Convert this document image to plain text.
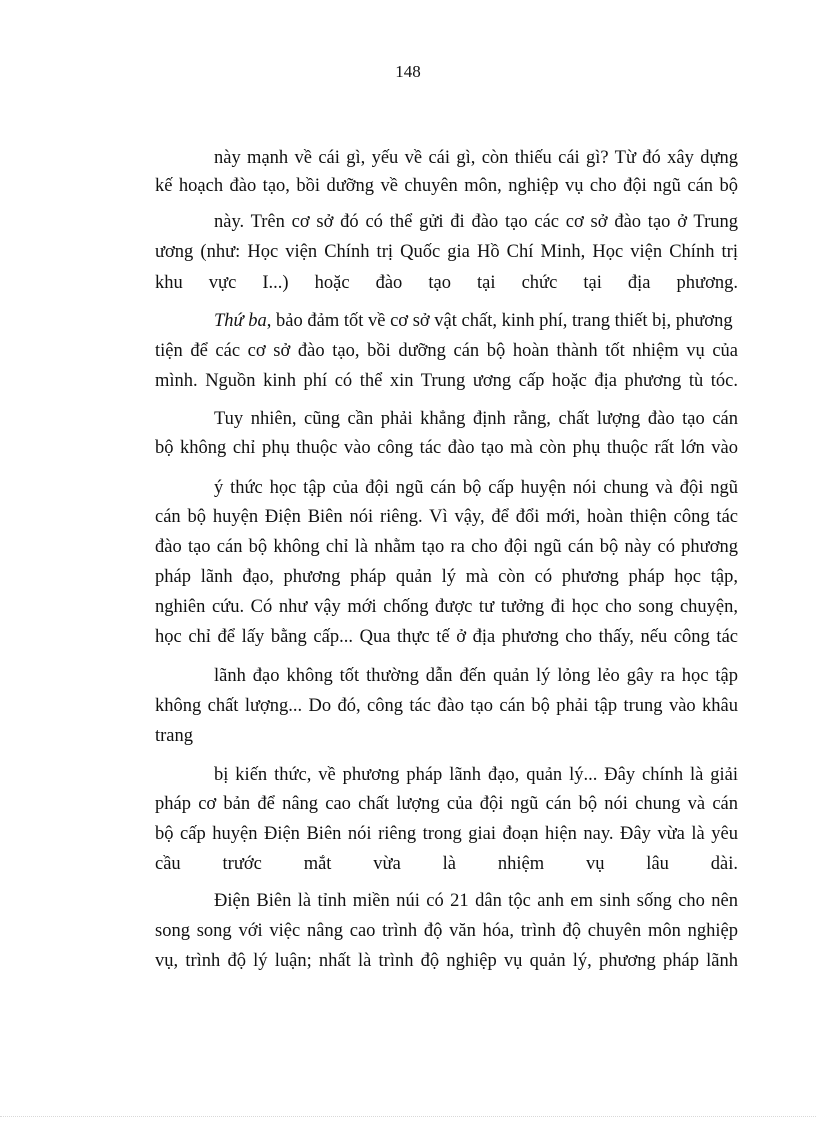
148

này mạnh về cái gì, yếu về cái gì, còn thiếu cái gì? Từ đó xây dựng

kế hoạch đào tạo, bồi dưỡng về chuyên môn, nghiệp vụ cho đội ngũ cán bộ

này. Trên cơ sở đó có thể gửi đi đào tạo các cơ sở đào tạo ở Trung

ương (như: Học viện Chính trị Quốc gia Hồ Chí Minh, Học viện Chính trị

khu vực I...) hoặc đào tạo tại chức tại địa phương.

Thứ ba, bảo đảm tốt về cơ sở vật chất, kinh phí, trang thiết bị, phương

tiện để các cơ sở đào tạo, bồi dưỡng cán bộ hoàn thành tốt nhiệm vụ của

mình. Nguồn kinh phí có thể xin Trung ương cấp hoặc địa phương tù tóc.

Tuy nhiên, cũng cần phải khẳng định rằng, chất lượng đào tạo cán

bộ không chỉ phụ thuộc vào công tác đào tạo mà còn phụ thuộc rất lớn vào

ý thức học tập của đội ngũ cán bộ cấp huyện nói chung và đội ngũ

cán bộ huyện Điện Biên nói riêng. Vì vậy, để đổi mới, hoàn thiện công tác

đào tạo cán bộ không chỉ là nhằm tạo ra cho đội ngũ cán bộ này có phương

pháp lãnh đạo, phương pháp quản lý mà còn có phương pháp học tập,

nghiên cứu. Có như vậy mới chống được tư tưởng đi học cho song chuyện,

học chỉ để lấy bằng cấp... Qua thực tế ở địa phương cho thấy, nếu công tác

lãnh đạo không tốt thường dẫn đến quản lý lỏng lẻo gây ra học tập

không chất lượng... Do đó, công tác đào tạo cán bộ phải tập trung vào khâu

trang

bị kiến thức, về phương pháp lãnh đạo, quản lý... Đây chính là giải

pháp cơ bản để nâng cao chất lượng của đội ngũ cán bộ nói chung và cán

bộ cấp huyện Điện Biên nói riêng trong giai đoạn hiện nay. Đây vừa là yêu

cầu trước mắt vừa là nhiệm vụ lâu dài.

Điện Biên là tỉnh miền núi có 21 dân tộc anh em sinh sống cho nên

song song với việc nâng cao trình độ văn hóa, trình độ chuyên môn nghiệp

vụ, trình độ lý luận; nhất là trình độ nghiệp vụ quản lý, phương pháp lãnh
